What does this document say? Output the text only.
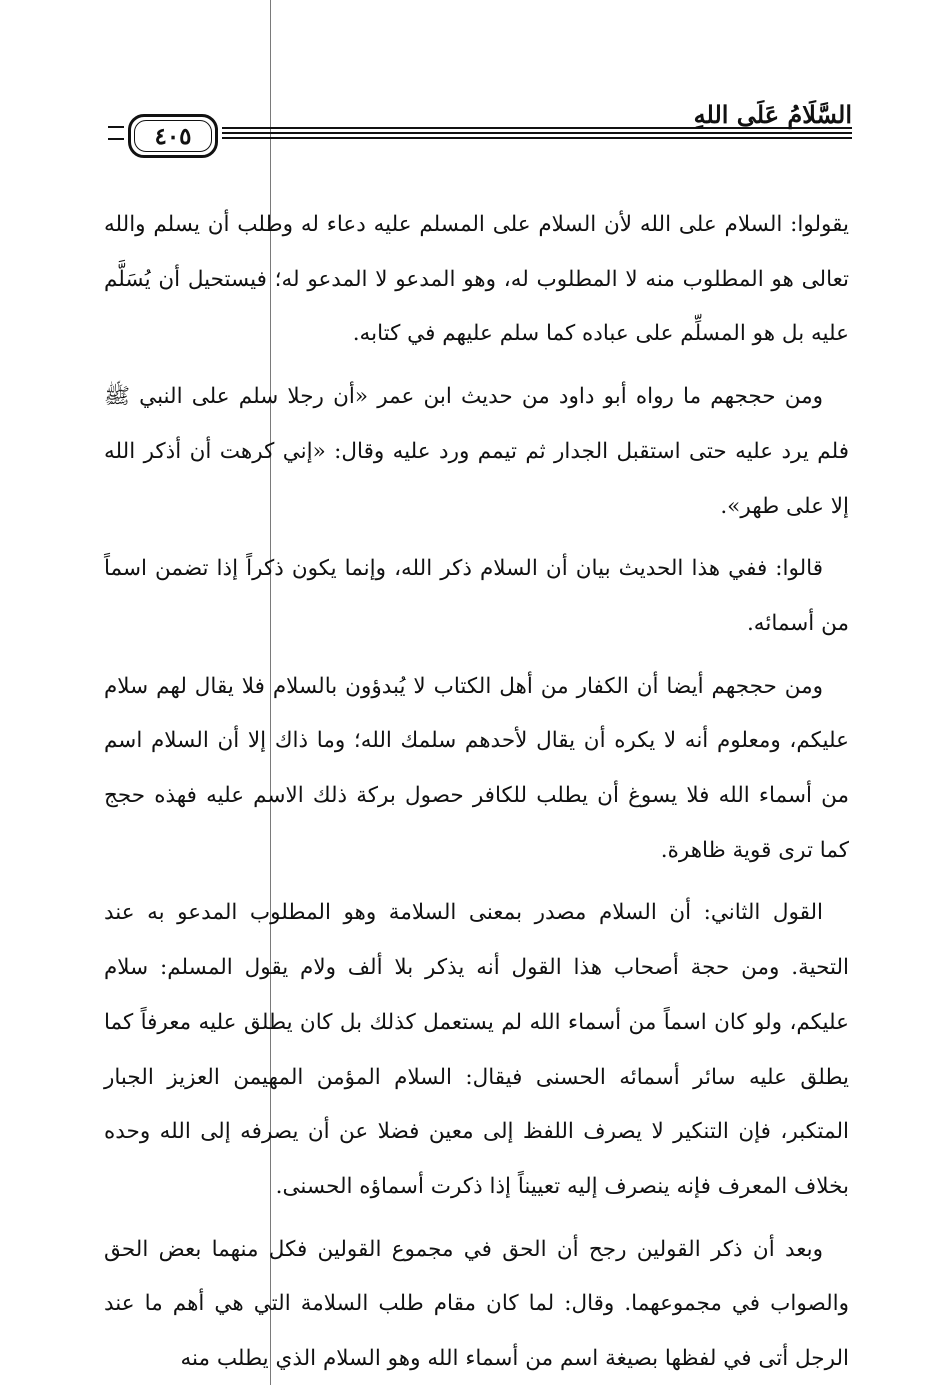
٤٠٥
السَّلَامُ عَلَى اللهِ

يقولوا: السلام على الله لأن السلام على المسلم عليه دعاء له وطلب أن يسلم والله تعالى هو المطلوب منه لا المطلوب له، وهو المدعو لا المدعو له؛ فيستحيل أن يُسَلَّم عليه بل هو المسلِّم على عباده كما سلم عليهم في كتابه.

ومن حججهم ما رواه أبو داود من حديث ابن عمر «أن رجلا سلم على النبي ﷺ فلم يرد عليه حتى استقبل الجدار ثم تيمم ورد عليه وقال: «إني كرهت أن أذكر الله إلا على طهر».

قالوا: ففي هذا الحديث بيان أن السلام ذكر الله، وإنما يكون ذكراً إذا تضمن اسماً من أسمائه.

ومن حججهم أيضا أن الكفار من أهل الكتاب لا يُبدؤون بالسلام فلا يقال لهم سلام عليكم، ومعلوم أنه لا يكره أن يقال لأحدهم سلمك الله؛ وما ذاك إلا أن السلام اسم من أسماء الله فلا يسوغ أن يطلب للكافر حصول بركة ذلك الاسم عليه فهذه حجج كما ترى قوية ظاهرة.

القول الثاني: أن السلام مصدر بمعنى السلامة وهو المطلوب المدعو به عند التحية. ومن حجة أصحاب هذا القول أنه يذكر بلا ألف ولام يقول المسلم: سلام عليكم، ولو كان اسماً من أسماء الله لم يستعمل كذلك بل كان يطلق عليه معرفاً كما يطلق عليه سائر أسمائه الحسنى فيقال: السلام المؤمن المهيمن العزيز الجبار المتكبر، فإن التنكير لا يصرف اللفظ إلى معين فضلا عن أن يصرفه إلى الله وحده بخلاف المعرف فإنه ينصرف إليه تعييناً إذا ذكرت أسماؤه الحسنى.

وبعد أن ذكر القولين رجح أن الحق في مجموع القولين فكل منهما بعض الحق والصواب في مجموعهما. وقال: لما كان مقام طلب السلامة التي هي أهم ما عند الرجل أتى في لفظها بصيغة اسم من أسماء الله وهو السلام الذي يطلب منه
